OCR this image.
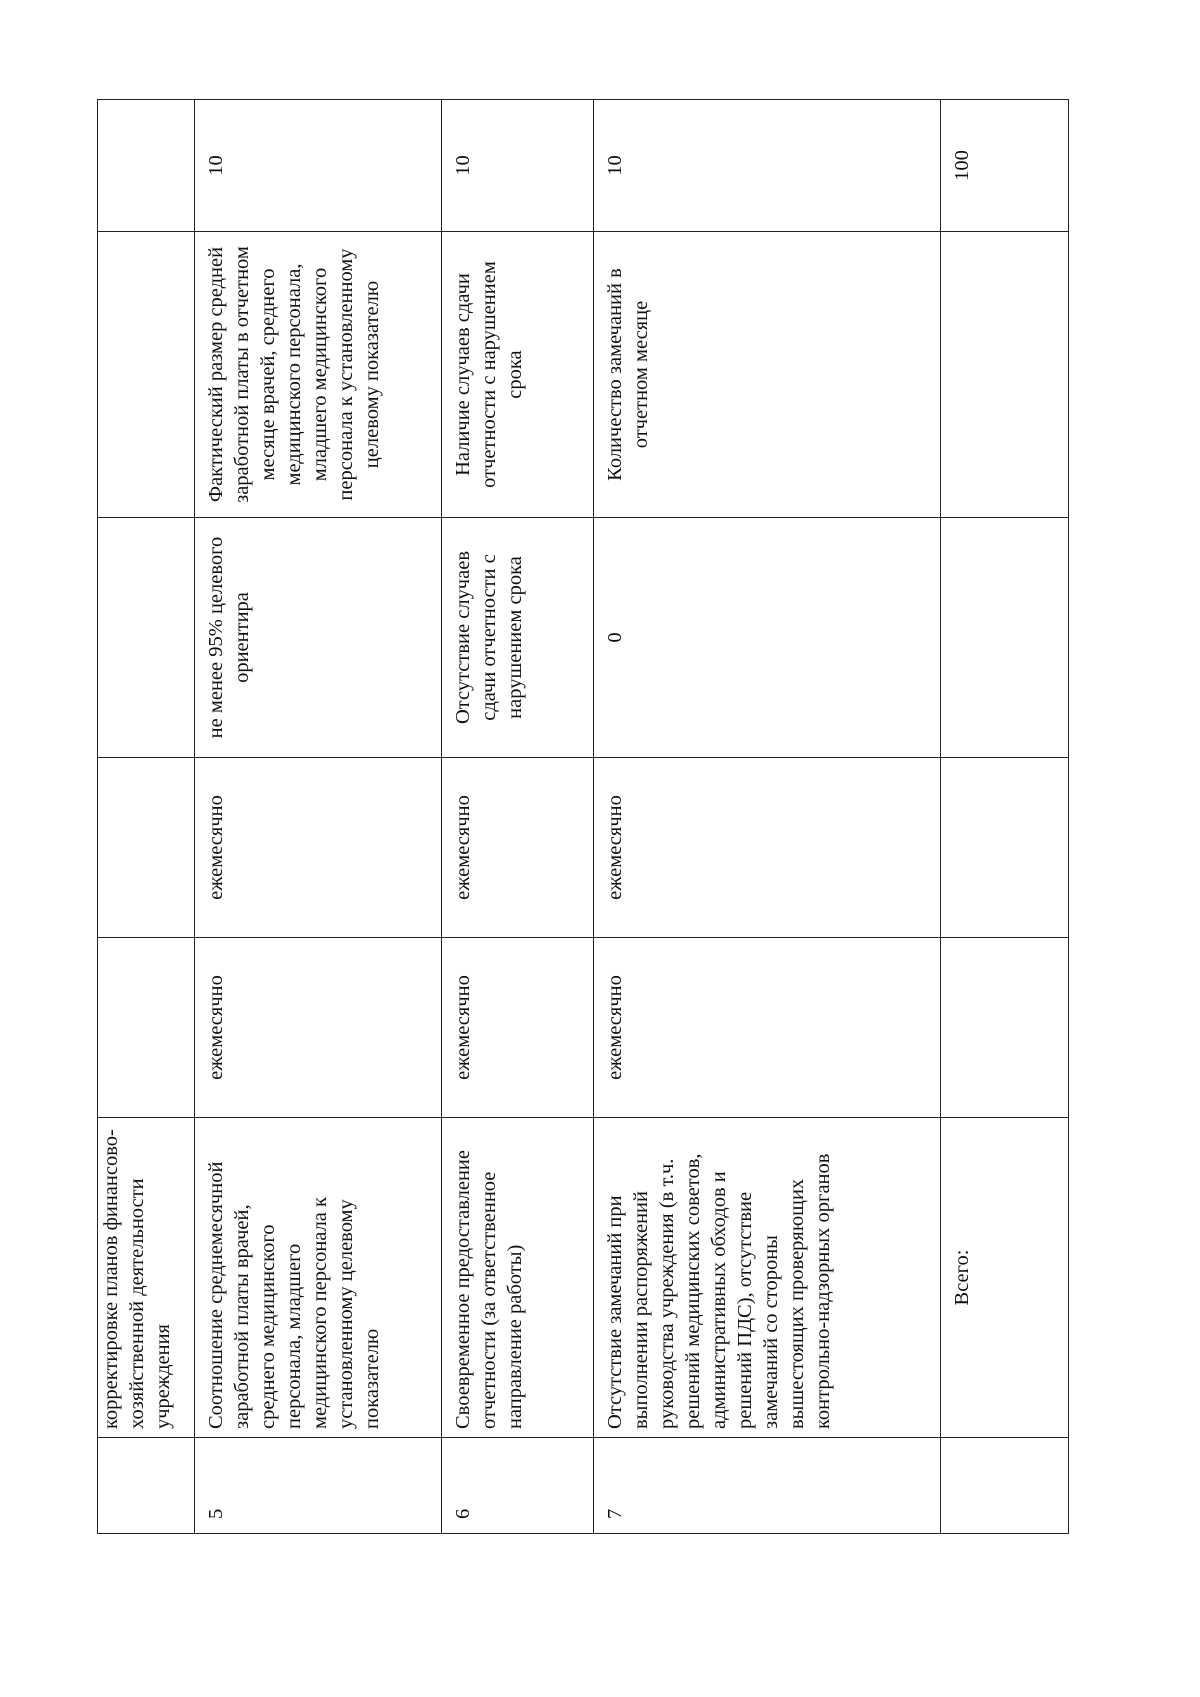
	корректировке планов финансово-хозяйственной деятельности учреждения					
5	Соотношение среднемесячной заработной платы врачей, среднего медицинского персонала, младшего медицинского персонала к установленному целевому показателю	ежемесячно	ежемесячно	не менее 95% целевого ориентира	Фактический размер средней заработной платы в отчетном месяце врачей, среднего медицинского персонала, младшего медицинского персонала к установленному целевому показателю	10
6	Своевременное предоставление отчетности (за ответственное направление работы)	ежемесячно	ежемесячно	Отсутствие случаев сдачи отчетности с нарушением срока	Наличие случаев сдачи отчетности с нарушением срока	10
7	Отсутствие замечаний при выполнении распоряжений руководства учреждения (в т.ч. решений медицинских советов, административных обходов и решений ПДС), отсутствие замечаний со стороны вышестоящих проверяющих контрольно-надзорных органов	ежемесячно	ежемесячно	0	Количество замечаний в отчетном месяце	10
	Всего:					100
